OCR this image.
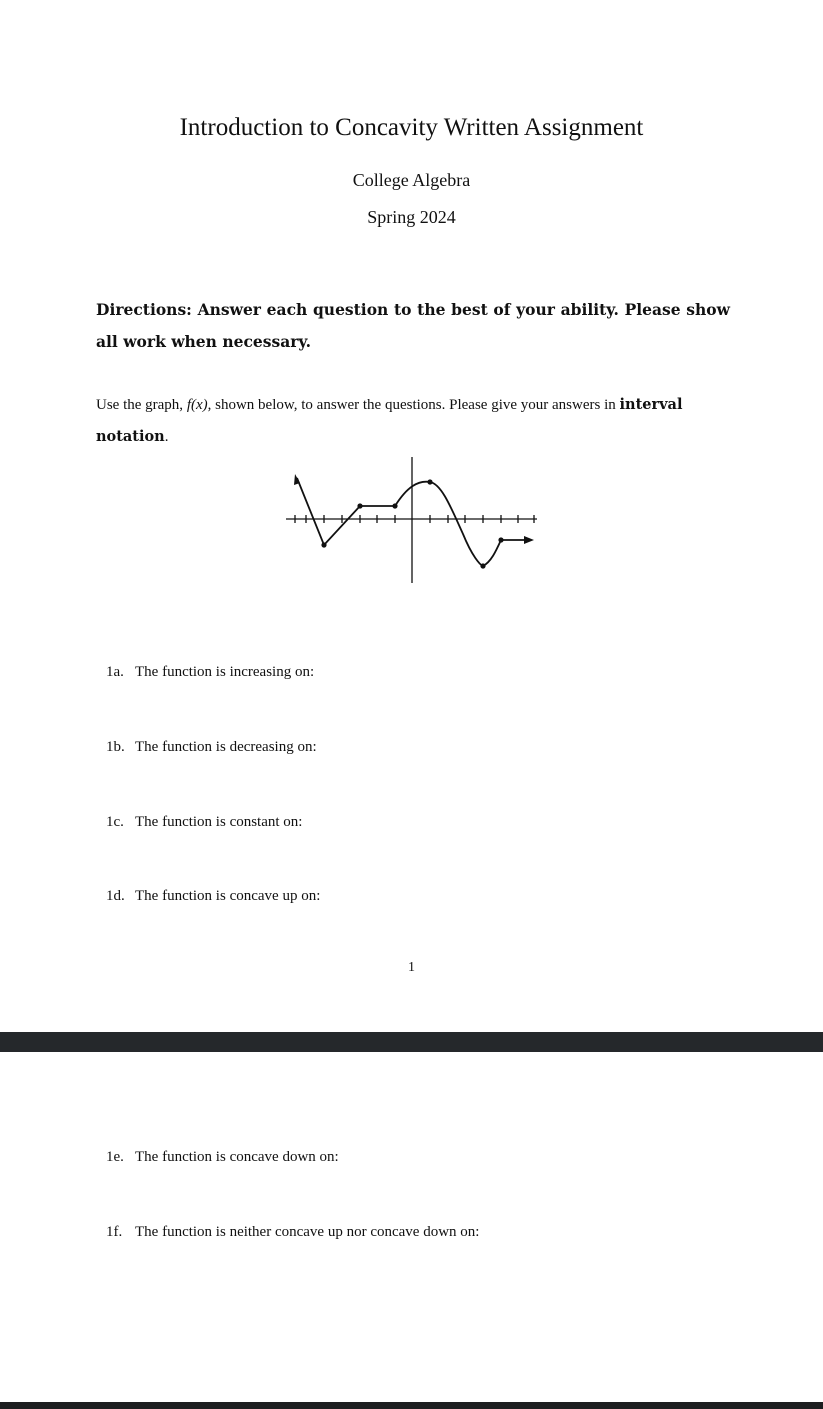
Introduction to Concavity Written Assignment
College Algebra
Spring 2024
Directions: Answer each question to the best of your ability. Please show all work when necessary.
Use the graph, f(x), shown below, to answer the questions. Please give your answers in interval notation.
1a. The function is increasing on:
1b. The function is decreasing on:
1c. The function is constant on:
1d. The function is concave up on:
1
1e. The function is concave down on:
1f. The function is neither concave up nor concave down on:
